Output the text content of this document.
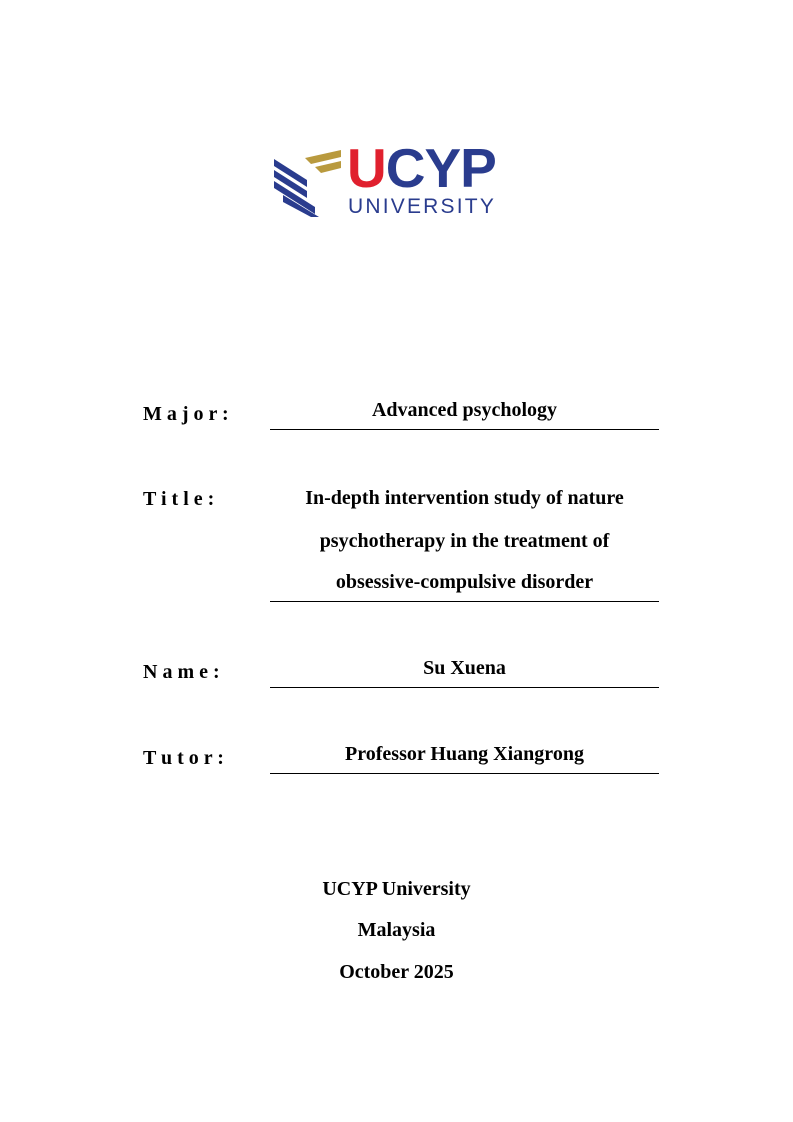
UCYP
UNIVERSITY
M a j o r :	Advanced psychology
T i t l e :	In-depth intervention study of nature
psychotherapy in the treatment of
obsessive-compulsive disorder
N a m e :	Su Xuena
T u t o r :	Professor Huang Xiangrong
UCYP University
Malaysia
October 2025
